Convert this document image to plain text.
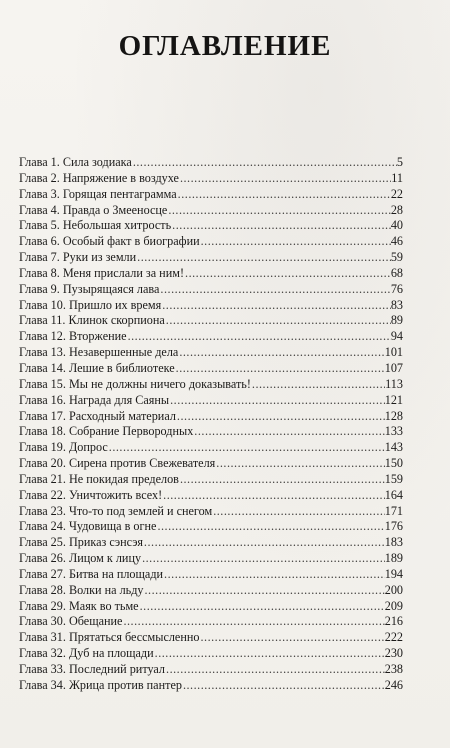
ОГЛАВЛЕНИЕ
Глава 1. Сила зодиака .....	5
Глава 2. Напряжение в воздухе .....	11
Глава 3. Горящая пентаграмма .....	22
Глава 4. Правда о Змееносце .....	28
Глава 5. Небольшая хитрость .....	40
Глава 6. Особый факт в биографии .....	46
Глава 7. Руки из земли .....	59
Глава 8. Меня прислали за ним! .....	68
Глава 9. Пузырящаяся лава .....	76
Глава 10. Пришло их время .....	83
Глава 11. Клинок скорпиона .....	89
Глава 12. Вторжение .....	94
Глава 13. Незавершенные дела .....	101
Глава 14. Лешие в библиотеке .....	107
Глава 15. Мы не должны ничего доказывать! .....	113
Глава 16. Награда для Саяны .....	121
Глава 17. Расходный материал .....	128
Глава 18. Собрание Первородных .....	133
Глава 19. Допрос .....	143
Глава 20. Сирена против Свежевателя .....	150
Глава 21. Не покидая пределов .....	159
Глава 22. Уничтожить всех! .....	164
Глава 23. Что-то под землей и снегом .....	171
Глава 24. Чудовища в огне .....	176
Глава 25. Приказ сэнсэя .....	183
Глава 26. Лицом к лицу .....	189
Глава 27. Битва на площади .....	194
Глава 28. Волки на льду .....	200
Глава 29. Маяк во тьме .....	209
Глава 30. Обещание .....	216
Глава 31. Прятаться бессмысленно .....	222
Глава 32. Дуб на площади .....	230
Глава 33. Последний ритуал .....	238
Глава 34. Жрица против пантер .....	246
